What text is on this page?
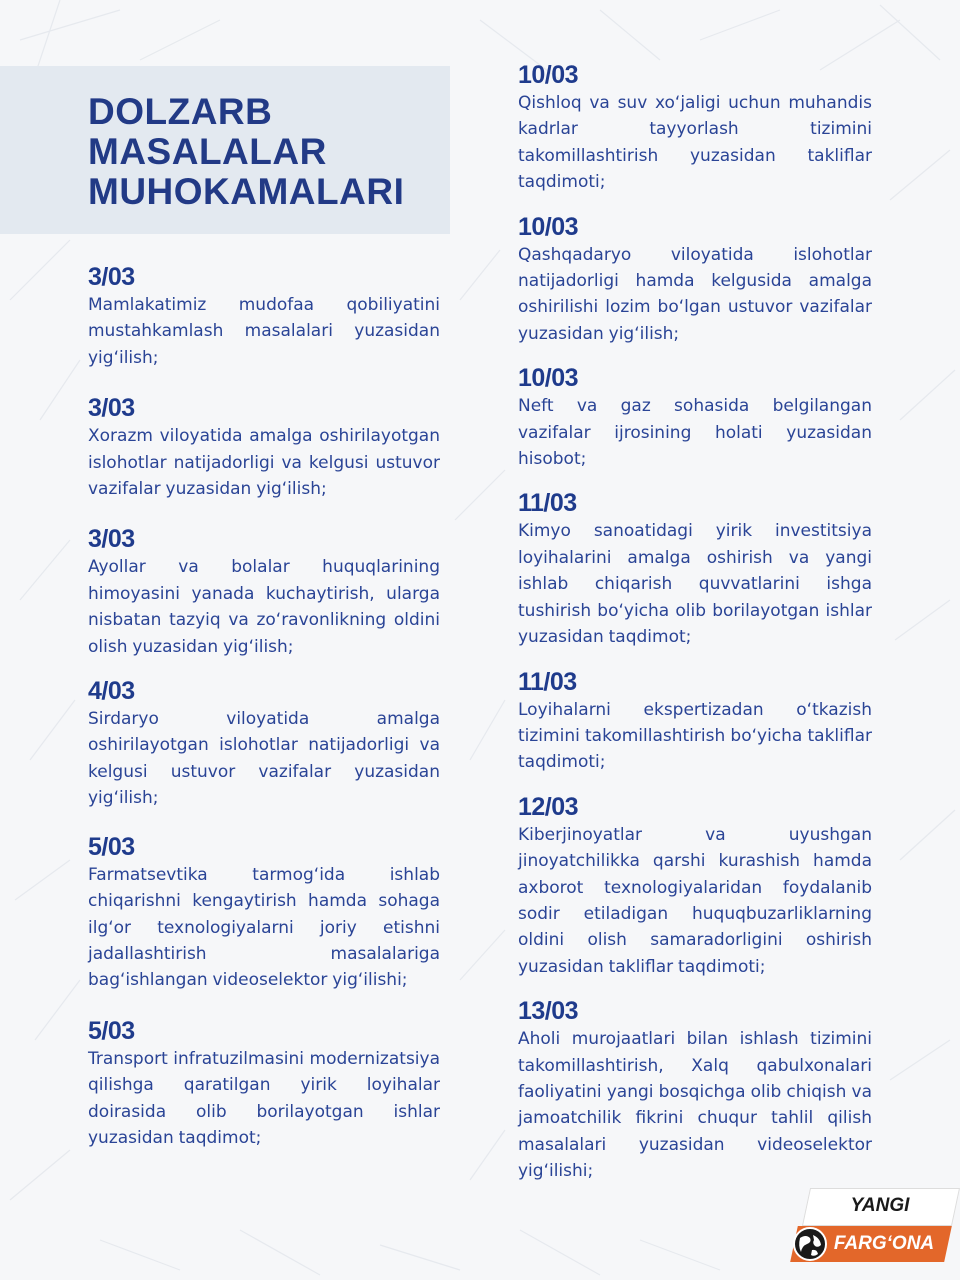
DOLZARB
MASALALAR
MUHOKAMALARI
3/03

Mamlakatimiz mudofaa qobiliyatini mustahkamlash masalalari yuzasidan yig‘ilish;

3/03

Xorazm viloyatida amalga oshirilayotgan islohotlar natijadorligi va kelgusi ustuvor vazifalar yuzasidan yig‘ilish;

3/03

Ayollar va bolalar huquqlarining himoyasini yanada kuchaytirish, ularga nisbatan tazyiq va zo‘ravonlikning oldini olish yuzasidan yig‘ilish;

4/03

Sirdaryo viloyatida amalga oshirilayotgan islohotlar natijadorligi va kelgusi ustuvor vazifalar yuzasidan yig‘ilish;

5/03

Farmatsevtika tarmog‘ida ishlab chiqarishni kengaytirish hamda sohaga ilg‘or texnologiyalarni joriy etishni jadallashtirish masalalariga bag‘ishlangan videoselektor yig‘ilishi;

5/03

Transport infratuzilmasini modernizatsiya qilishga qaratilgan yirik loyihalar doirasida olib borilayotgan ishlar yuzasidan taqdimot;

10/03

Qishloq va suv xo‘jaligi uchun muhandis kadrlar tayyorlash tizimini takomillashtirish yuzasidan takliflar taqdimoti;

10/03

Qashqadaryo viloyatida islohotlar natijadorligi hamda kelgusida amalga oshirilishi lozim bo‘lgan ustuvor vazifalar yuzasidan yig‘ilish;

10/03

Neft va gaz sohasida belgilangan vazifalar ijrosining holati yuzasidan hisobot;

11/03

Kimyo sanoatidagi yirik investitsiya loyihalarini amalga oshirish va yangi ishlab chiqarish quvvatlarini ishga tushirish bo‘yicha olib borilayotgan ishlar yuzasidan taqdimot;

11/03

Loyihalarni ekspertizadan o‘tkazish tizimini takomillashtirish bo‘yicha takliflar taqdimoti;

12/03

Kiberjinoyatlar va uyushgan jinoyatchilikka qarshi kurashish hamda axborot texnologiyalaridan foydalanib sodir etiladigan huquqbuzarliklarning oldini olish samaradorligini oshirish yuzasidan takliflar taqdimoti;

13/03

Aholi murojaatlari bilan ishlash tizimini takomillashtirish, Xalq qabulxonalari faoliyatini yangi bosqichga olib chiqish va jamoatchilik fikrini chuqur tahlil qilish masalalari yuzasidan videoselektor yig‘ilishi;

YANGI
FARG‘ONA
